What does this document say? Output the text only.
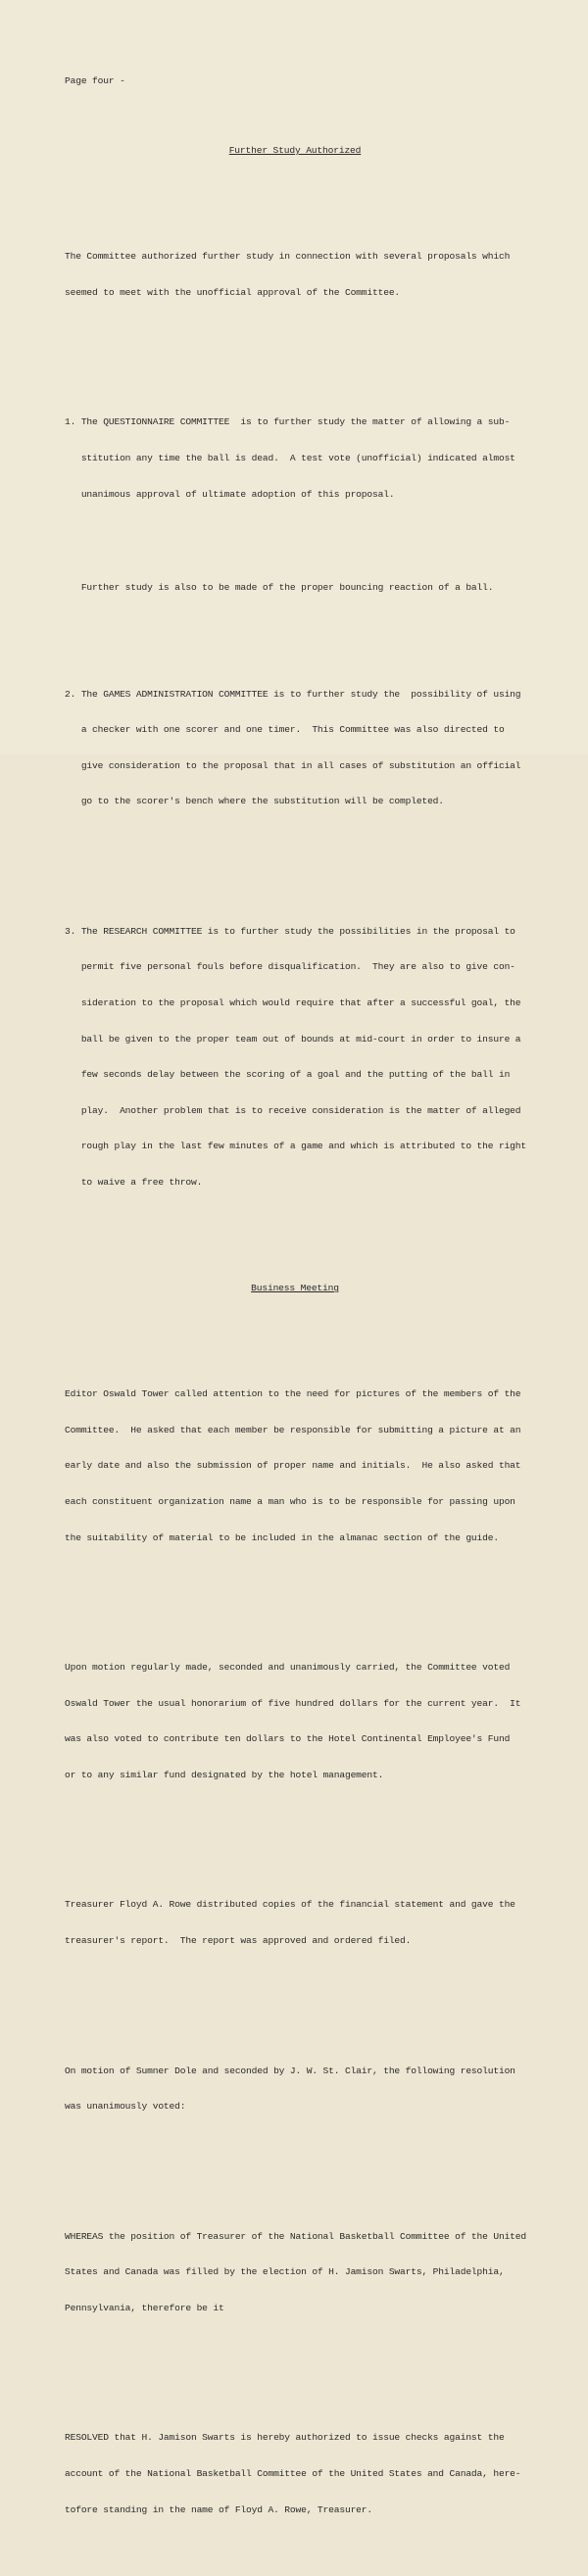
Page four -

Further Study Authorized

The Committee authorized further study in connection with several proposals which

seemed to meet with the unofficial approval of the Committee.

1. The QUESTIONNAIRE COMMITTEE  is to further study the matter of allowing a sub-

stitution any time the ball is dead.  A test vote (unofficial) indicated almost

unanimous approval of ultimate adoption of this proposal.

Further study is also to be made of the proper bouncing reaction of a ball.

2. The GAMES ADMINISTRATION COMMITTEE is to further study the  possibility of using

a checker with one scorer and one timer.  This Committee was also directed to

give consideration to the proposal that in all cases of substitution an official

go to the scorer's bench where the substitution will be completed.

3. The RESEARCH COMMITTEE is to further study the possibilities in the proposal to

permit five personal fouls before disqualification.  They are also to give con-

sideration to the proposal which would require that after a successful goal, the

ball be given to the proper team out of bounds at mid-court in order to insure a

few seconds delay between the scoring of a goal and the putting of the ball in

play.  Another problem that is to receive consideration is the matter of alleged

rough play in the last few minutes of a game and which is attributed to the right

to waive a free throw.

Business Meeting

Editor Oswald Tower called attention to the need for pictures of the members of the

Committee.  He asked that each member be responsible for submitting a picture at an

early date and also the submission of proper name and initials.  He also asked that

each constituent organization name a man who is to be responsible for passing upon

the suitability of material to be included in the almanac section of the guide.

Upon motion regularly made, seconded and unanimously carried, the Committee voted

Oswald Tower the usual honorarium of five hundred dollars for the current year.  It

was also voted to contribute ten dollars to the Hotel Continental Employee's Fund

or to any similar fund designated by the hotel management.

Treasurer Floyd A. Rowe distributed copies of the financial statement and gave the

treasurer's report.  The report was approved and ordered filed.

On motion of Sumner Dole and seconded by J. W. St. Clair, the following resolution

was unanimously voted:

WHEREAS the position of Treasurer of the National Basketball Committee of the United

States and Canada was filled by the election of H. Jamison Swarts, Philadelphia,

Pennsylvania, therefore be it

RESOLVED that H. Jamison Swarts is hereby authorized to issue checks against the

account of the National Basketball Committee of the United States and Canada, here-

tofore standing in the name of Floyd A. Rowe, Treasurer.
